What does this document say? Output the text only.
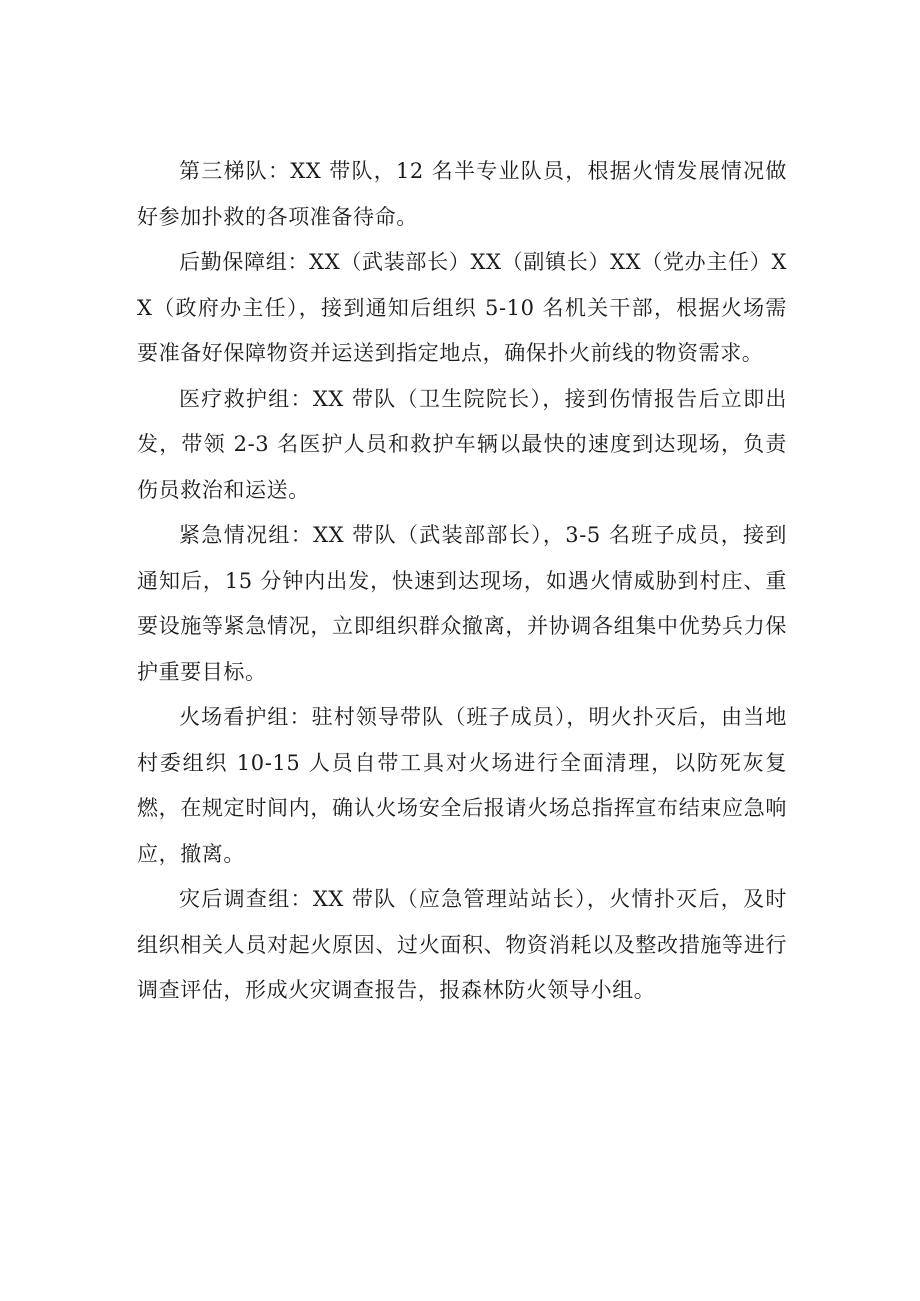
第三梯队：XX 带队，12 名半专业队员，根据火情发展情况做好参加扑救的各项准备待命。

后勤保障组：XX（武装部长）XX（副镇长）XX（党办主任）XX（政府办主任），接到通知后组织 5-10 名机关干部，根据火场需要准备好保障物资并运送到指定地点，确保扑火前线的物资需求。

医疗救护组：XX 带队（卫生院院长），接到伤情报告后立即出发，带领 2-3 名医护人员和救护车辆以最快的速度到达现场，负责伤员救治和运送。

紧急情况组：XX 带队（武装部部长），3-5 名班子成员，接到通知后，15 分钟内出发，快速到达现场，如遇火情威胁到村庄、重要设施等紧急情况，立即组织群众撤离，并协调各组集中优势兵力保护重要目标。

火场看护组：驻村领导带队（班子成员），明火扑灭后，由当地村委组织 10-15 人员自带工具对火场进行全面清理，以防死灰复燃，在规定时间内，确认火场安全后报请火场总指挥宣布结束应急响应，撤离。

灾后调查组：XX 带队（应急管理站站长），火情扑灭后，及时组织相关人员对起火原因、过火面积、物资消耗以及整改措施等进行调查评估，形成火灾调查报告，报森林防火领导小组。
